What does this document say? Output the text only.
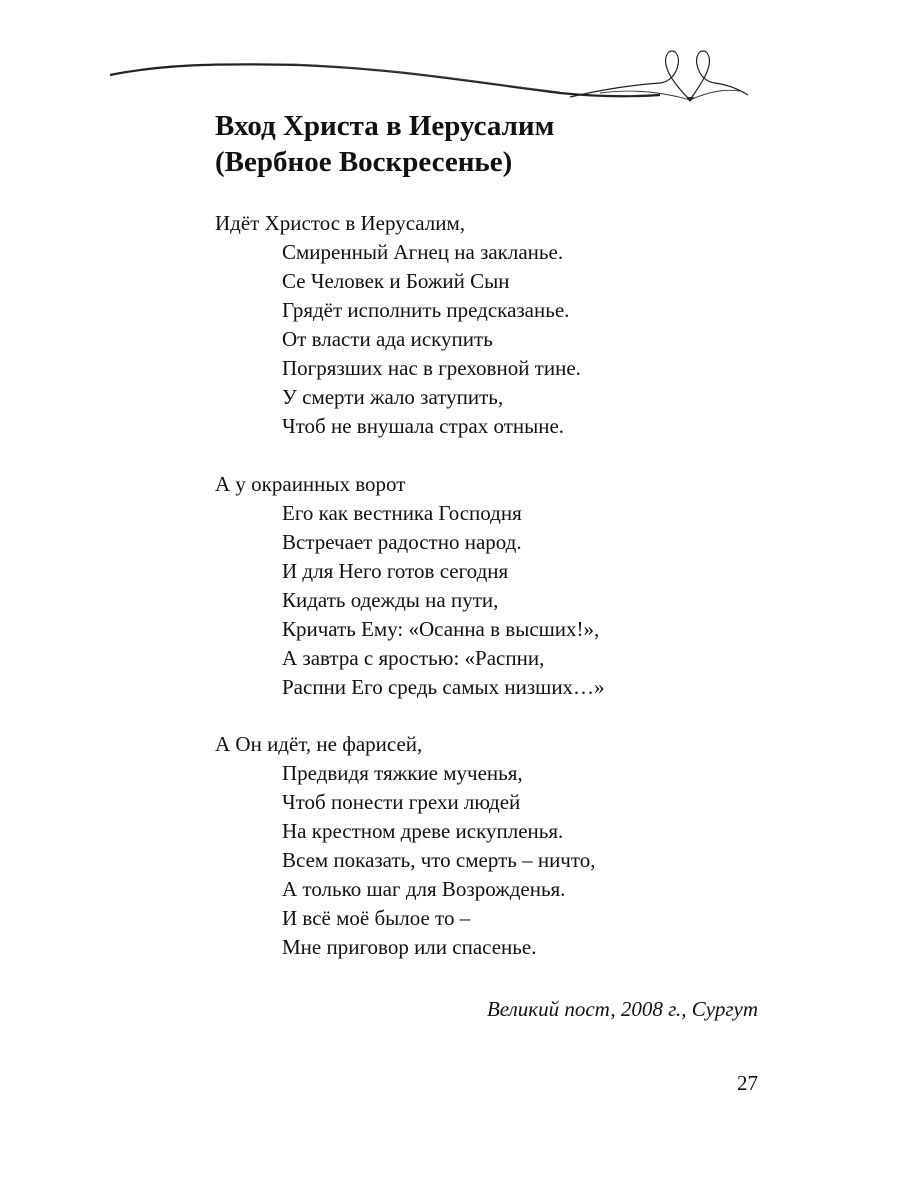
Вход Христа в Иерусалим
(Вербное Воскресенье)
Идёт Христос в Иерусалим,
Смиренный Агнец на закланье.
Се Человек и Божий Сын
Грядёт исполнить предсказанье.
От власти ада искупить
Погрязших нас в греховной тине.
У смерти жало затупить,
Чтоб не внушала страх отныне.
А у окраинных ворот
Его как вестника Господня
Встречает радостно народ.
И для Него готов сегодня
Кидать одежды на пути,
Кричать Ему: «Осанна в высших!»,
А завтра с яростью: «Распни,
Распни Его средь самых низших…»
А Он идёт, не фарисей,
Предвидя тяжкие мученья,
Чтоб понести грехи людей
На крестном древе искупленья.
Всем показать, что смерть – ничто,
А только шаг для Возрожденья.
И всё моё былое то –
Мне приговор или спасенье.
Великий пост, 2008 г., Сургут
27
